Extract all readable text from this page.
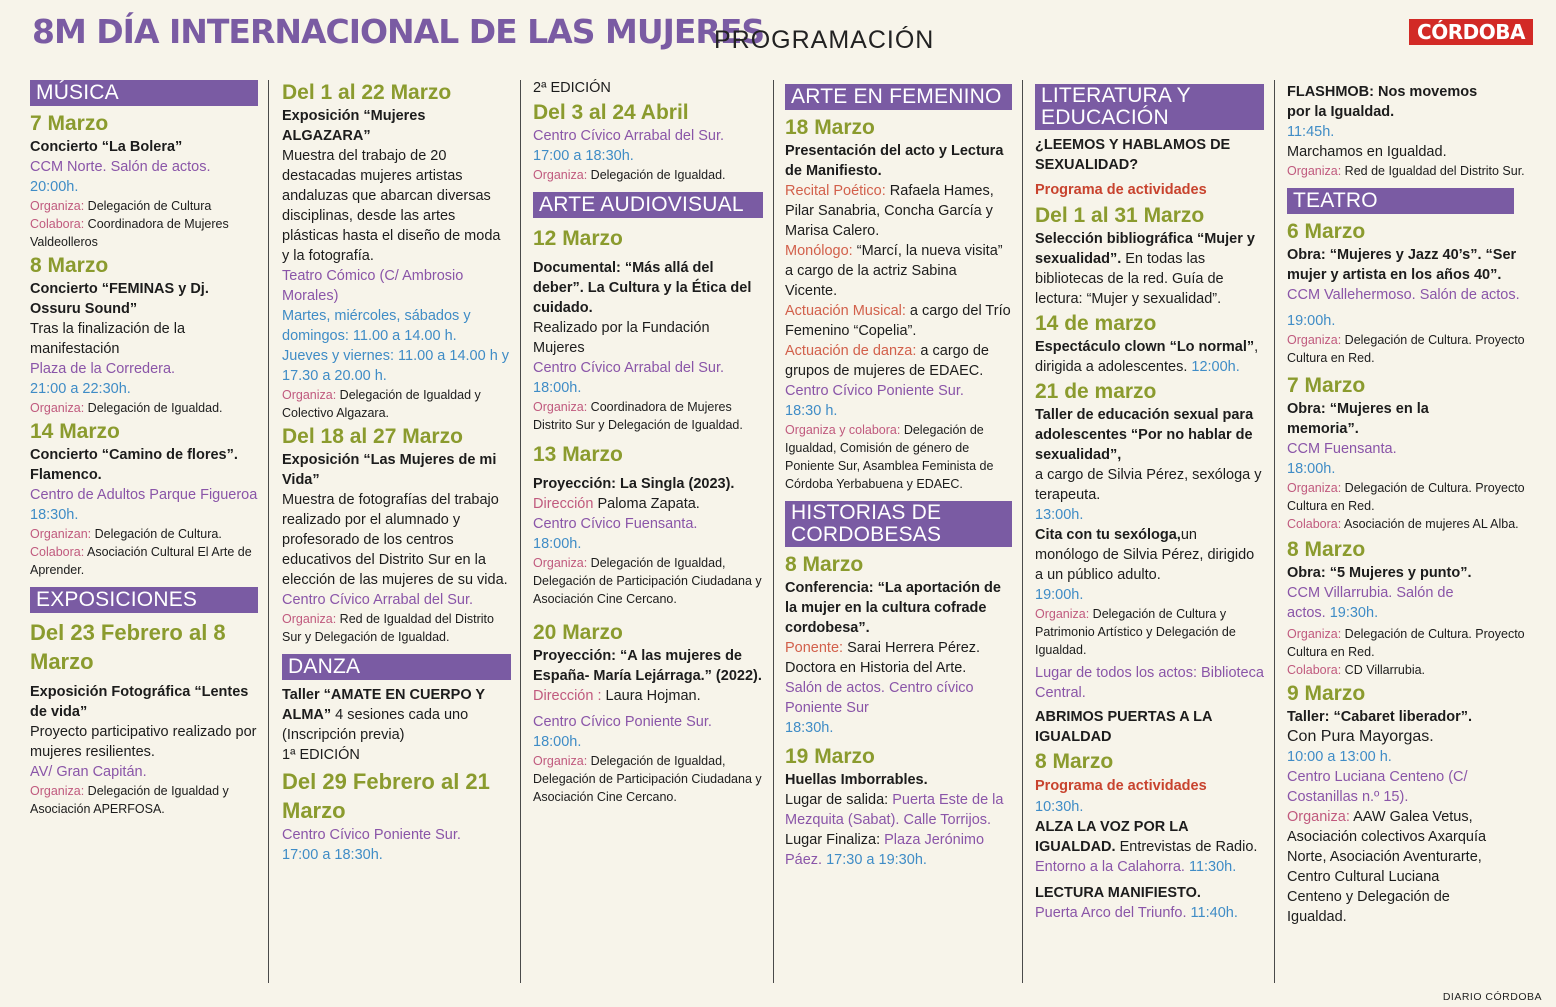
8M DÍA INTERNACIONAL DE LAS MUJERES
PROGRAMACIÓN	CÓRDOBA
MÚSICA
7 Marzo
Concierto “La Bolera”
CCM Norte. Salón de actos.
20:00h.
Organiza: Delegación de Cultura
Colabora: Coordinadora de Mujeres Valdeolleros
8 Marzo
Concierto “FEMINAS y Dj. Ossuru Sound”
Tras la finalización de la manifestación
Plaza de la Corredera.
21:00 a 22:30h.
Organiza: Delegación de Igualdad.
14 Marzo
Concierto “Camino de flores”. Flamenco.
Centro de Adultos Parque Figueroa
18:30h.
Organizan: Delegación de Cultura.
Colabora: Asociación Cultural El Arte de Aprender.
EXPOSICIONES
Del 23 Febrero al 8 Marzo
Exposición Fotográfica “Lentes de vida”
Proyecto participativo realizado por mujeres resilientes.
AV/ Gran Capitán.
Organiza: Delegación de Igualdad y Asociación APERFOSA.
Del 1 al 22 Marzo
Exposición “Mujeres ALGAZARA”
Muestra del trabajo de 20 destacadas mujeres artistas andaluzas que abarcan diversas disciplinas, desde las artes plásticas hasta el diseño de moda y la fotografía.
Teatro Cómico (C/ Ambrosio Morales)
Martes, miércoles, sábados y domingos: 11.00 a 14.00 h.
Jueves y viernes: 11.00 a 14.00 h y 17.30 a 20.00 h.
Organiza: Delegación de Igualdad y Colectivo Algazara.
Del 18 al 27 Marzo
Exposición “Las Mujeres de mi Vida”
Muestra de fotografías del trabajo realizado por el alumnado y profesorado de los centros educativos del Distrito Sur en la elección de las mujeres de su vida.
Centro Cívico Arrabal del Sur.
Organiza: Red de Igualdad del Distrito Sur y Delegación de Igualdad.
DANZA
Taller “AMATE EN CUERPO Y ALMA” 4 sesiones cada uno (Inscripción previa)
1ª EDICIÓN
Del 29 Febrero al 21 Marzo
Centro Cívico Poniente Sur.
17:00 a 18:30h.
2ª EDICIÓN
Del 3 al 24 Abril
Centro Cívico Arrabal del Sur.
17:00 a 18:30h.
Organiza: Delegación de Igualdad.
ARTE AUDIOVISUAL
12 Marzo
Documental: “Más allá del deber”. La Cultura y la Ética del cuidado.
Realizado por la Fundación Mujeres
Centro Cívico Arrabal del Sur.
18:00h.
Organiza: Coordinadora de Mujeres Distrito Sur y Delegación de Igualdad.
13 Marzo
Proyección: La Singla (2023).
Dirección Paloma Zapata.
Centro Cívico Fuensanta.
18:00h.
Organiza: Delegación de Igualdad, Delegación de Participación Ciudadana y Asociación Cine Cercano.
20 Marzo
Proyección: “A las mujeres de España- María Lejárraga.” (2022).
Dirección : Laura Hojman.
Centro Cívico Poniente Sur.
18:00h.
Organiza: Delegación de Igualdad, Delegación de Participación Ciudadana y Asociación Cine Cercano.
ARTE EN FEMENINO
18 Marzo
Presentación del acto y Lectura de Manifiesto.
Recital Poético: Rafaela Hames, Pilar Sanabria, Concha García y Marisa Calero.
Monólogo: “Marcí, la nueva visita” a cargo de la actriz Sabina Vicente.
Actuación Musical: a cargo del Trío Femenino “Copelia”.
Actuación de danza: a cargo de grupos de mujeres de EDAEC.
Centro Cívico Poniente Sur.
18:30 h.
Organiza y colabora: Delegación de Igualdad, Comisión de género de Poniente Sur, Asamblea Feminista de Córdoba Yerbabuena y EDAEC.
HISTORIAS DE CORDOBESAS
8 Marzo
Conferencia: “La aportación de la mujer en la cultura cofrade cordobesa”.
Ponente: Sarai Herrera Pérez. Doctora en Historia del Arte.
Salón de actos. Centro cívico Poniente Sur
18:30h.
19 Marzo
Huellas Imborrables.
Lugar de salida: Puerta Este de la Mezquita (Sabat). Calle Torrijos.
Lugar Finaliza: Plaza Jerónimo Páez. 17:30 a 19:30h.
LITERATURA Y EDUCACIÓN
¿LEEMOS Y HABLAMOS DE SEXUALIDAD?
Programa de actividades
Del 1 al 31 Marzo
Selección bibliográfica “Mujer y sexualidad”. En todas las bibliotecas de la red. Guía de lectura: “Mujer y sexualidad”.
14 de marzo
Espectáculo clown “Lo normal”, dirigida a adolescentes. 12:00h.
21 de marzo
Taller de educación sexual para adolescentes “Por no hablar de sexualidad”,
a cargo de Silvia Pérez, sexóloga y terapeuta.
13:00h.
Cita con tu sexóloga,un monólogo de Silvia Pérez, dirigido a un público adulto.
19:00h.
Organiza: Delegación de Cultura y Patrimonio Artístico y Delegación de Igualdad.
Lugar de todos los actos: Biblioteca Central.
ABRIMOS PUERTAS A LA IGUALDAD
8 Marzo
Programa de actividades
10:30h.
ALZA LA VOZ POR LA IGUALDAD. Entrevistas de Radio.
Entorno a la Calahorra. 11:30h.
LECTURA MANIFIESTO.
Puerta Arco del Triunfo. 11:40h.
FLASHMOB: Nos movemos por la Igualdad.
11:45h.
Marchamos en Igualdad.
Organiza: Red de Igualdad del Distrito Sur.
TEATRO
6 Marzo
Obra: “Mujeres y Jazz 40’s”. “Ser mujer y artista en los años 40”.
CCM Vallehermoso. Salón de actos.
19:00h.
Organiza: Delegación de Cultura. Proyecto Cultura en Red.
7 Marzo
Obra: “Mujeres en la memoria”.
CCM Fuensanta.
18:00h.
Organiza: Delegación de Cultura. Proyecto Cultura en Red.
Colabora: Asociación de mujeres AL Alba.
8 Marzo
Obra: “5 Mujeres y punto”.
CCM Villarrubia. Salón de actos. 19:30h.
Organiza: Delegación de Cultura. Proyecto Cultura en Red.
Colabora: CD Villarrubia.
9 Marzo
Taller: “Cabaret liberador”.
Con Pura Mayorgas.
10:00 a 13:00 h.
Centro Luciana Centeno (C/ Costanillas n.º 15).
Organiza: AAW Galea Vetus, Asociación colectivos Axarquía Norte, Asociación Aventurarte, Centro Cultural Luciana Centeno y Delegación de Igualdad.
DIARIO CÓRDOBA
